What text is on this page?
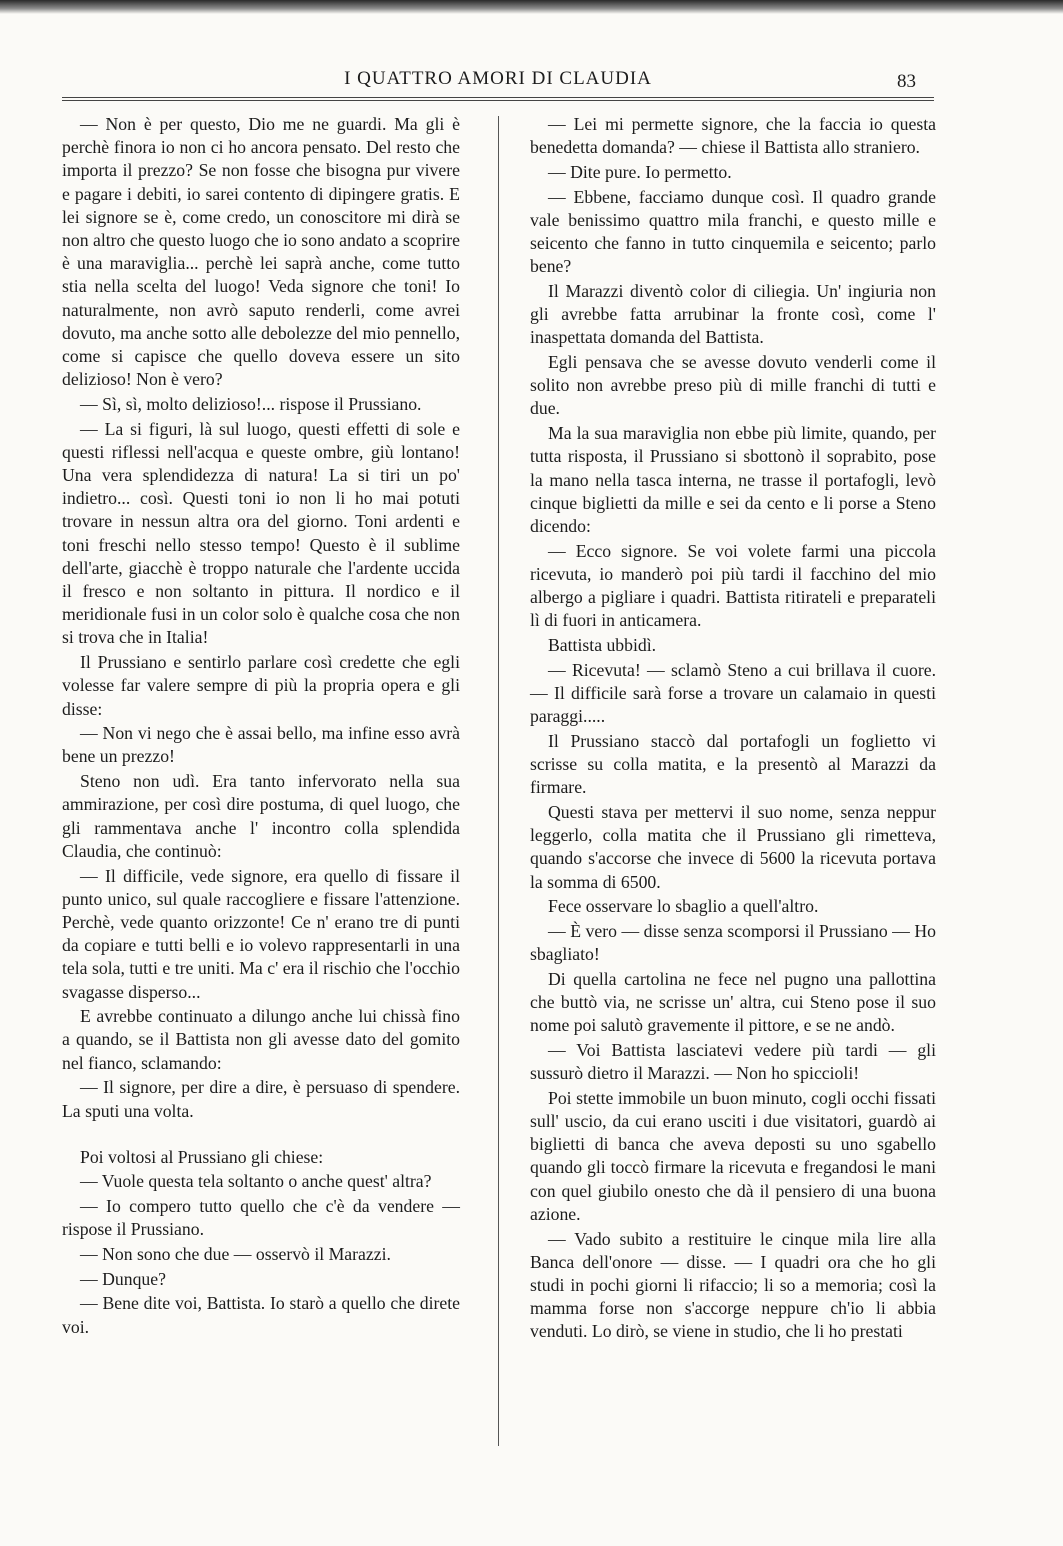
I QUATTRO AMORI DI CLAUDIA	83

— Non è per questo, Dio me ne guardi. Ma gli è perchè finora io non ci ho ancora pensato. Del resto che importa il prezzo? Se non fosse che bisogna pur vivere e pagare i debiti, io sarei contento di dipingere gratis. E lei signore se è, come credo, un conoscitore mi dirà se non altro che questo luogo che io sono andato a scoprire è una maraviglia... perchè lei saprà anche, come tutto stia nella scelta del luogo! Veda signore che toni! Io naturalmente, non avrò saputo renderli, come avrei dovuto, ma anche sotto alle debolezze del mio pennello, come si capisce che quello doveva essere un sito delizioso! Non è vero?

— Sì, sì, molto delizioso!... rispose il Prussiano.

— La si figuri, là sul luogo, questi effetti di sole e questi riflessi nell'acqua e queste ombre, giù lontano! Una vera splendidezza di natura! La si tiri un po' indietro... così. Questi toni io non li ho mai potuti trovare in nessun altra ora del giorno. Toni ardenti e toni freschi nello stesso tempo! Questo è il sublime dell'arte, giacchè è troppo naturale che l'ardente uccida il fresco e non soltanto in pittura. Il nordico e il meridionale fusi in un color solo è qualche cosa che non si trova che in Italia!

Il Prussiano e sentirlo parlare così credette che egli volesse far valere sempre di più la propria opera e gli disse:

— Non vi nego che è assai bello, ma infine esso avrà bene un prezzo!

Steno non udì. Era tanto infervorato nella sua ammirazione, per così dire postuma, di quel luogo, che gli rammentava anche l' incontro colla splendida Claudia, che continuò:

— Il difficile, vede signore, era quello di fissare il punto unico, sul quale raccogliere e fissare l'attenzione. Perchè, vede quanto orizzonte! Ce n' erano tre di punti da copiare e tutti belli e io volevo rappresentarli in una tela sola, tutti e tre uniti. Ma c' era il rischio che l'occhio svagasse disperso...

E avrebbe continuato a dilungo anche lui chissà fino a quando, se il Battista non gli avesse dato del gomito nel fianco, sclamando:

— Il signore, per dire a dire, è persuaso di spendere. La sputi una volta.

Poi voltosi al Prussiano gli chiese:

— Vuole questa tela soltanto o anche quest' altra?

— Io compero tutto quello che c'è da vendere — rispose il Prussiano.

— Non sono che due — osservò il Marazzi.

— Dunque?

— Bene dite voi, Battista. Io starò a quello che direte voi.

— Lei mi permette signore, che la faccia io questa benedetta domanda? — chiese il Battista allo straniero.

— Dite pure. Io permetto.

— Ebbene, facciamo dunque così. Il quadro grande vale benissimo quattro mila franchi, e questo mille e seicento che fanno in tutto cinquemila e seicento; parlo bene?

Il Marazzi diventò color di ciliegia. Un' ingiuria non gli avrebbe fatta arrubinar la fronte così, come l' inaspettata domanda del Battista.

Egli pensava che se avesse dovuto venderli come il solito non avrebbe preso più di mille franchi di tutti e due.

Ma la sua maraviglia non ebbe più limite, quando, per tutta risposta, il Prussiano si sbottonò il soprabito, pose la mano nella tasca interna, ne trasse il portafogli, levò cinque biglietti da mille e sei da cento e li porse a Steno dicendo:

— Ecco signore. Se voi volete farmi una piccola ricevuta, io manderò poi più tardi il facchino del mio albergo a pigliare i quadri. Battista ritirateli e preparateli lì di fuori in anticamera.

Battista ubbidì.

— Ricevuta! — sclamò Steno a cui brillava il cuore. — Il difficile sarà forse a trovare un calamaio in questi paraggi.....

Il Prussiano staccò dal portafogli un foglietto vi scrisse su colla matita, e la presentò al Marazzi da firmare.

Questi stava per mettervi il suo nome, senza neppur leggerlo, colla matita che il Prussiano gli rimetteva, quando s'accorse che invece di 5600 la ricevuta portava la somma di 6500.

Fece osservare lo sbaglio a quell'altro.

— È vero — disse senza scomporsi il Prussiano — Ho sbagliato!

Di quella cartolina ne fece nel pugno una pallottina che buttò via, ne scrisse un' altra, cui Steno pose il suo nome poi salutò gravemente il pittore, e se ne andò.

— Voi Battista lasciatevi vedere più tardi — gli sussurò dietro il Marazzi. — Non ho spiccioli!

Poi stette immobile un buon minuto, cogli occhi fissati sull' uscio, da cui erano usciti i due visitatori, guardò ai biglietti di banca che aveva deposti su uno sgabello quando gli toccò firmare la ricevuta e fregandosi le mani con quel giubilo onesto che dà il pensiero di una buona azione.

— Vado subito a restituire le cinque mila lire alla Banca dell'onore — disse. — I quadri ora che ho gli studi in pochi giorni li rifaccio; li so a memoria; così la mamma forse non s'accorge neppure ch'io li abbia venduti. Lo dirò, se viene in studio, che li ho prestati
